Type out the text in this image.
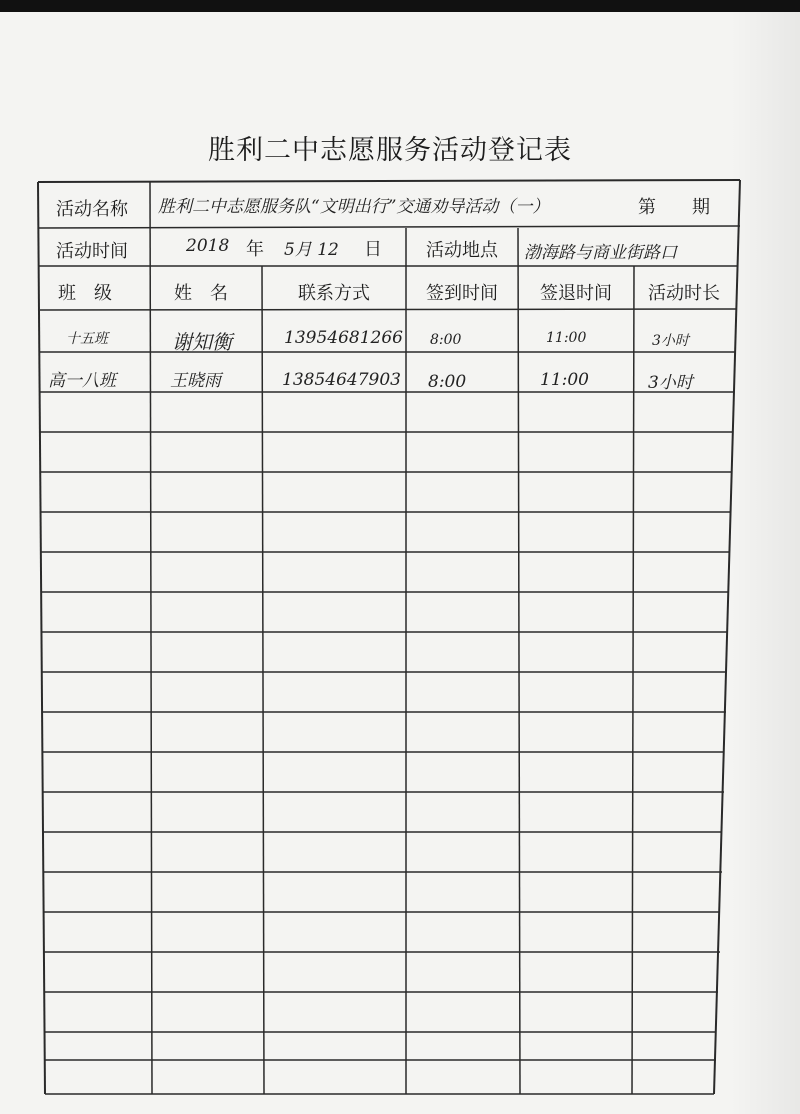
胜利二中志愿服务活动登记表
活动名称 胜利二中志愿服务队“文明出行”交通劝导活动（一）	第 期
活动时间	2018 年 5月 12 日 活动地点 渤海路与商业街路口
班　级	姓　名	联系方式	签到时间 签退时间 活动时长
十五班	谢知衡	13954681266 8:00	11:00	3小时
高一八班	王晓雨	13854647903 8:00	11:00	3小时
